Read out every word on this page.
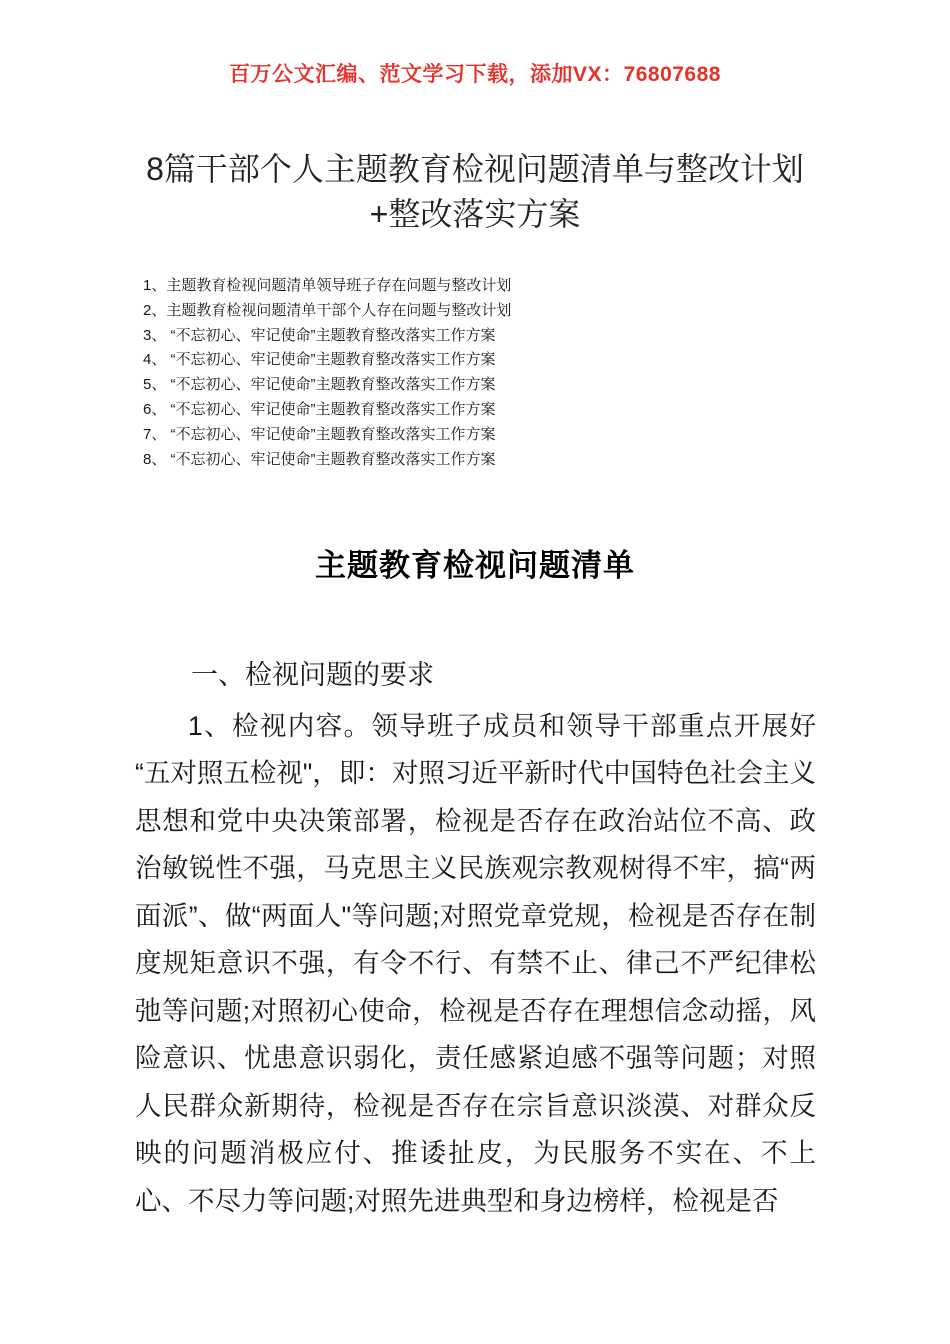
百万公文汇编、范文学习下载，添加VX：76807688
8篇干部个人主题教育检视问题清单与整改计划+整改落实方案
1、主题教育检视问题清单领导班子存在问题与整改计划
2、主题教育检视问题清单干部个人存在问题与整改计划
3、 “不忘初心、牢记使命”主题教育整改落实工作方案
4、 “不忘初心、牢记使命”主题教育整改落实工作方案
5、 “不忘初心、牢记使命”主题教育整改落实工作方案
6、 “不忘初心、牢记使命”主题教育整改落实工作方案
7、 “不忘初心、牢记使命”主题教育整改落实工作方案
8、 “不忘初心、牢记使命”主题教育整改落实工作方案
主题教育检视问题清单
一、检视问题的要求

1、检视内容。领导班子成员和领导干部重点开展好“五对照五检视"，即：对照习近平新时代中国特色社会主义思想和党中央决策部署，检视是否存在政治站位不高、政治敏锐性不强，马克思主义民族观宗教观树得不牢，搞“两面派”、做“两面人"等问题;对照党章党规，检视是否存在制度规矩意识不强，有令不行、有禁不止、律己不严纪律松弛等问题;对照初心使命，检视是否存在理想信念动摇，风险意识、忧患意识弱化，责任感紧迫感不强等问题；对照人民群众新期待，检视是否存在宗旨意识淡漠、对群众反映的问题消极应付、推诿扯皮，为民服务不实在、不上心、不尽力等问题;对照先进典型和身边榜样，检视是否
